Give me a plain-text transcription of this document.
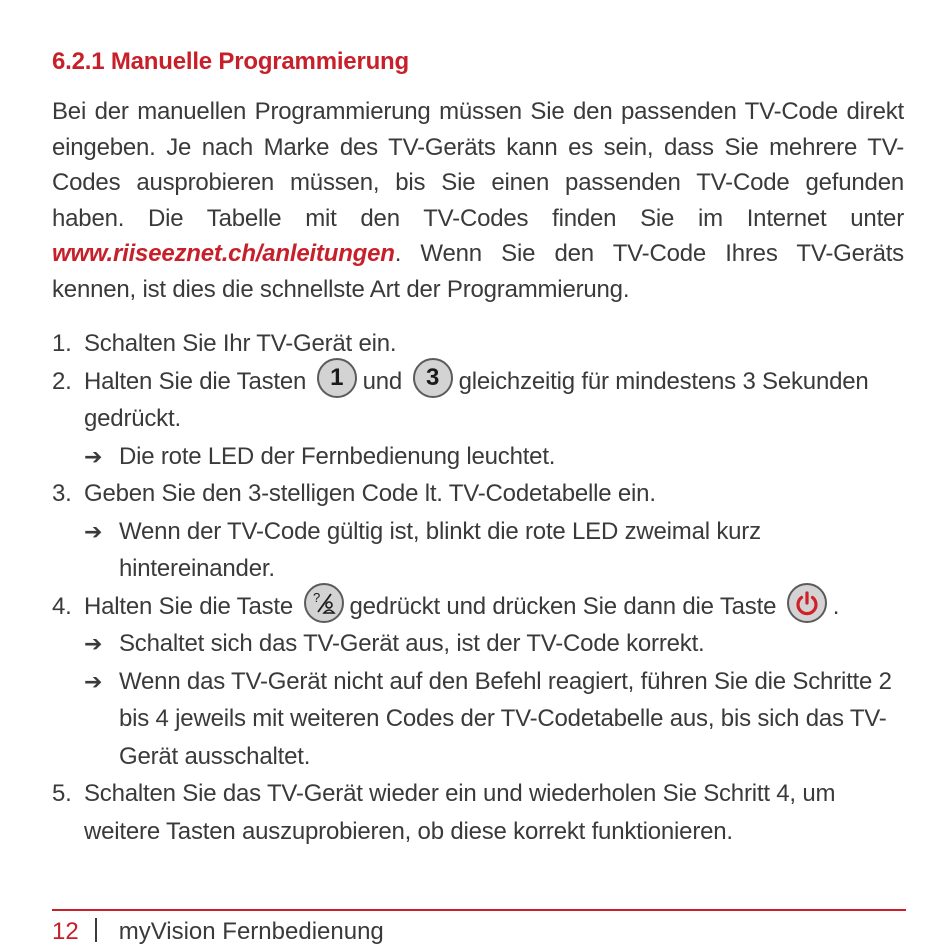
6.2.1 Manuelle Programmierung

Bei der manuellen Programmierung müssen Sie den passenden TV-Code direkt eingeben. Je nach Marke des TV-Geräts kann es sein, dass Sie mehrere TV-Codes ausprobieren müssen, bis Sie einen passenden TV-Code gefunden haben. Die Tabelle mit den TV-Codes finden Sie im Internet unter www.riiseeznet.ch/anleitungen. Wenn Sie den TV-Code Ihres TV-Geräts kennen, ist dies die schnellste Art der Programmierung.

1. Schalten Sie Ihr TV-Gerät ein.
2. Halten Sie die Tasten 1 und 3 gleichzeitig für mindestens 3 Sekunden gedrückt.
➔ Die rote LED der Fernbedienung leuchtet.
3. Geben Sie den 3-stelligen Code lt. TV-Codetabelle ein.
➔ Wenn der TV-Code gültig ist, blinkt die rote LED zweimal kurz hintereinander.
4. Halten Sie die Taste ? gedrückt und drücken Sie dann die Taste .
➔ Schaltet sich das TV-Gerät aus, ist der TV-Code korrekt.
➔ Wenn das TV-Gerät nicht auf den Befehl reagiert, führen Sie die Schritte 2 bis 4 jeweils mit weiteren Codes der TV-Codetabelle aus, bis sich das TV-Gerät ausschaltet.
5. Schalten Sie das TV-Gerät wieder ein und wiederholen Sie Schritt 4, um weitere Tasten auszuprobieren, ob diese korrekt funktionieren.
12 myVision Fernbedienung
